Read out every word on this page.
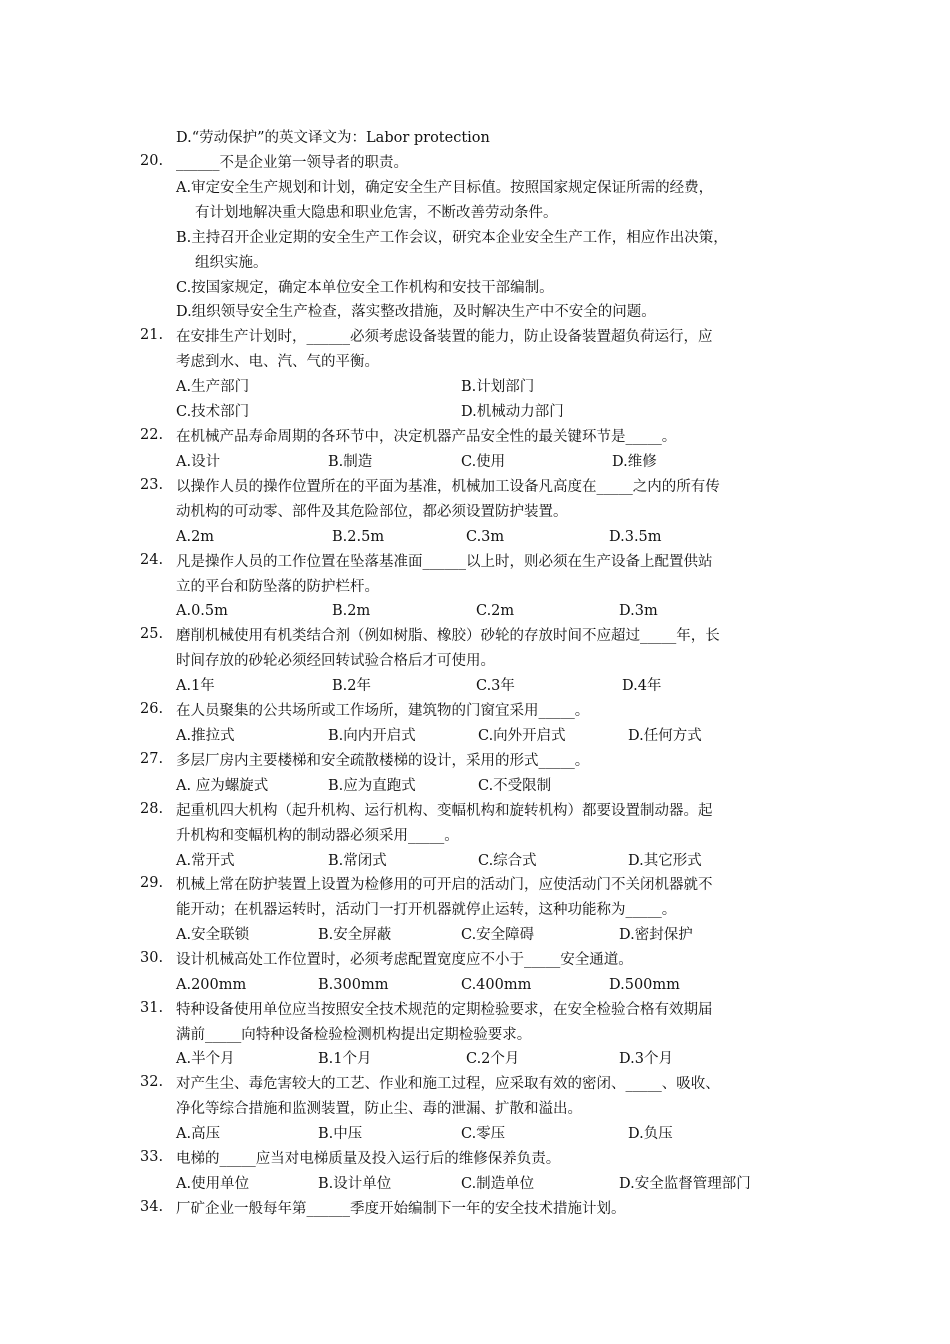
D.“劳动保护”的英文译文为：Labor protection
20. ______不是企业第一领导者的职责。
A.审定安全生产规划和计划，确定安全生产目标值。按照国家规定保证所需的经费，
有计划地解决重大隐患和职业危害，不断改善劳动条件。
B.主持召开企业定期的安全生产工作会议，研究本企业安全生产工作，相应作出决策，
组织实施。
C.按国家规定，确定本单位安全工作机构和安技干部编制。
D.组织领导安全生产检查，落实整改措施，及时解决生产中不安全的问题。
21. 在安排生产计划时，______必须考虑设备装置的能力，防止设备装置超负荷运行，应
考虑到水、电、汽、气的平衡。
A.生产部门	B.计划部门
C.技术部门	D.机械动力部门
22. 在机械产品寿命周期的各环节中，决定机器产品安全性的最关键环节是_____。
A.设计	B.制造	C.使用	D.维修
23. 以操作人员的操作位置所在的平面为基准，机械加工设备凡高度在_____之内的所有传
动机构的可动零、部件及其危险部位，都必须设置防护装置。
A.2m	B.2.5m	C.3m	D.3.5m
24. 凡是操作人员的工作位置在坠落基准面______以上时，则必须在生产设备上配置供站
立的平台和防坠落的防护栏杆。
A.0.5m	B.2m	C.2m	D.3m
25. 磨削机械使用有机类结合剂（例如树脂、橡胶）砂轮的存放时间不应超过_____年，长
时间存放的砂轮必须经回转试验合格后才可使用。
A.1年	B.2年	C.3年	D.4年
26. 在人员聚集的公共场所或工作场所，建筑物的门窗宜采用_____。
A.推拉式	B.向内开启式	C.向外开启式	D.任何方式
27. 多层厂房内主要楼梯和安全疏散楼梯的设计，采用的形式_____。
A. 应为螺旋式	B.应为直跑式	C.不受限制
28. 起重机四大机构（起升机构、运行机构、变幅机构和旋转机构）都要设置制动器。起
升机构和变幅机构的制动器必须采用_____。
A.常开式	B.常闭式	C.综合式	D.其它形式
29. 机械上常在防护装置上设置为检修用的可开启的活动门，应使活动门不关闭机器就不
能开动；在机器运转时，活动门一打开机器就停止运转，这种功能称为_____。
A.安全联锁	B.安全屏蔽	C.安全障碍	D.密封保护
30. 设计机械高处工作位置时，必须考虑配置宽度应不小于_____安全通道。
A.200mm	B.300mm	C.400mm	D.500mm
31. 特种设备使用单位应当按照安全技术规范的定期检验要求，在安全检验合格有效期届
满前_____向特种设备检验检测机构提出定期检验要求。
A.半个月	B.1个月	C.2个月	D.3个月
32. 对产生尘、毒危害较大的工艺、作业和施工过程，应采取有效的密闭、_____、吸收、
净化等综合措施和监测装置，防止尘、毒的泄漏、扩散和溢出。
A.高压	B.中压	C.零压	D.负压
33. 电梯的_____应当对电梯质量及投入运行后的维修保养负责。
A.使用单位	B.设计单位	C.制造单位	D.安全监督管理部门
34. 厂矿企业一般每年第______季度开始编制下一年的安全技术措施计划。
